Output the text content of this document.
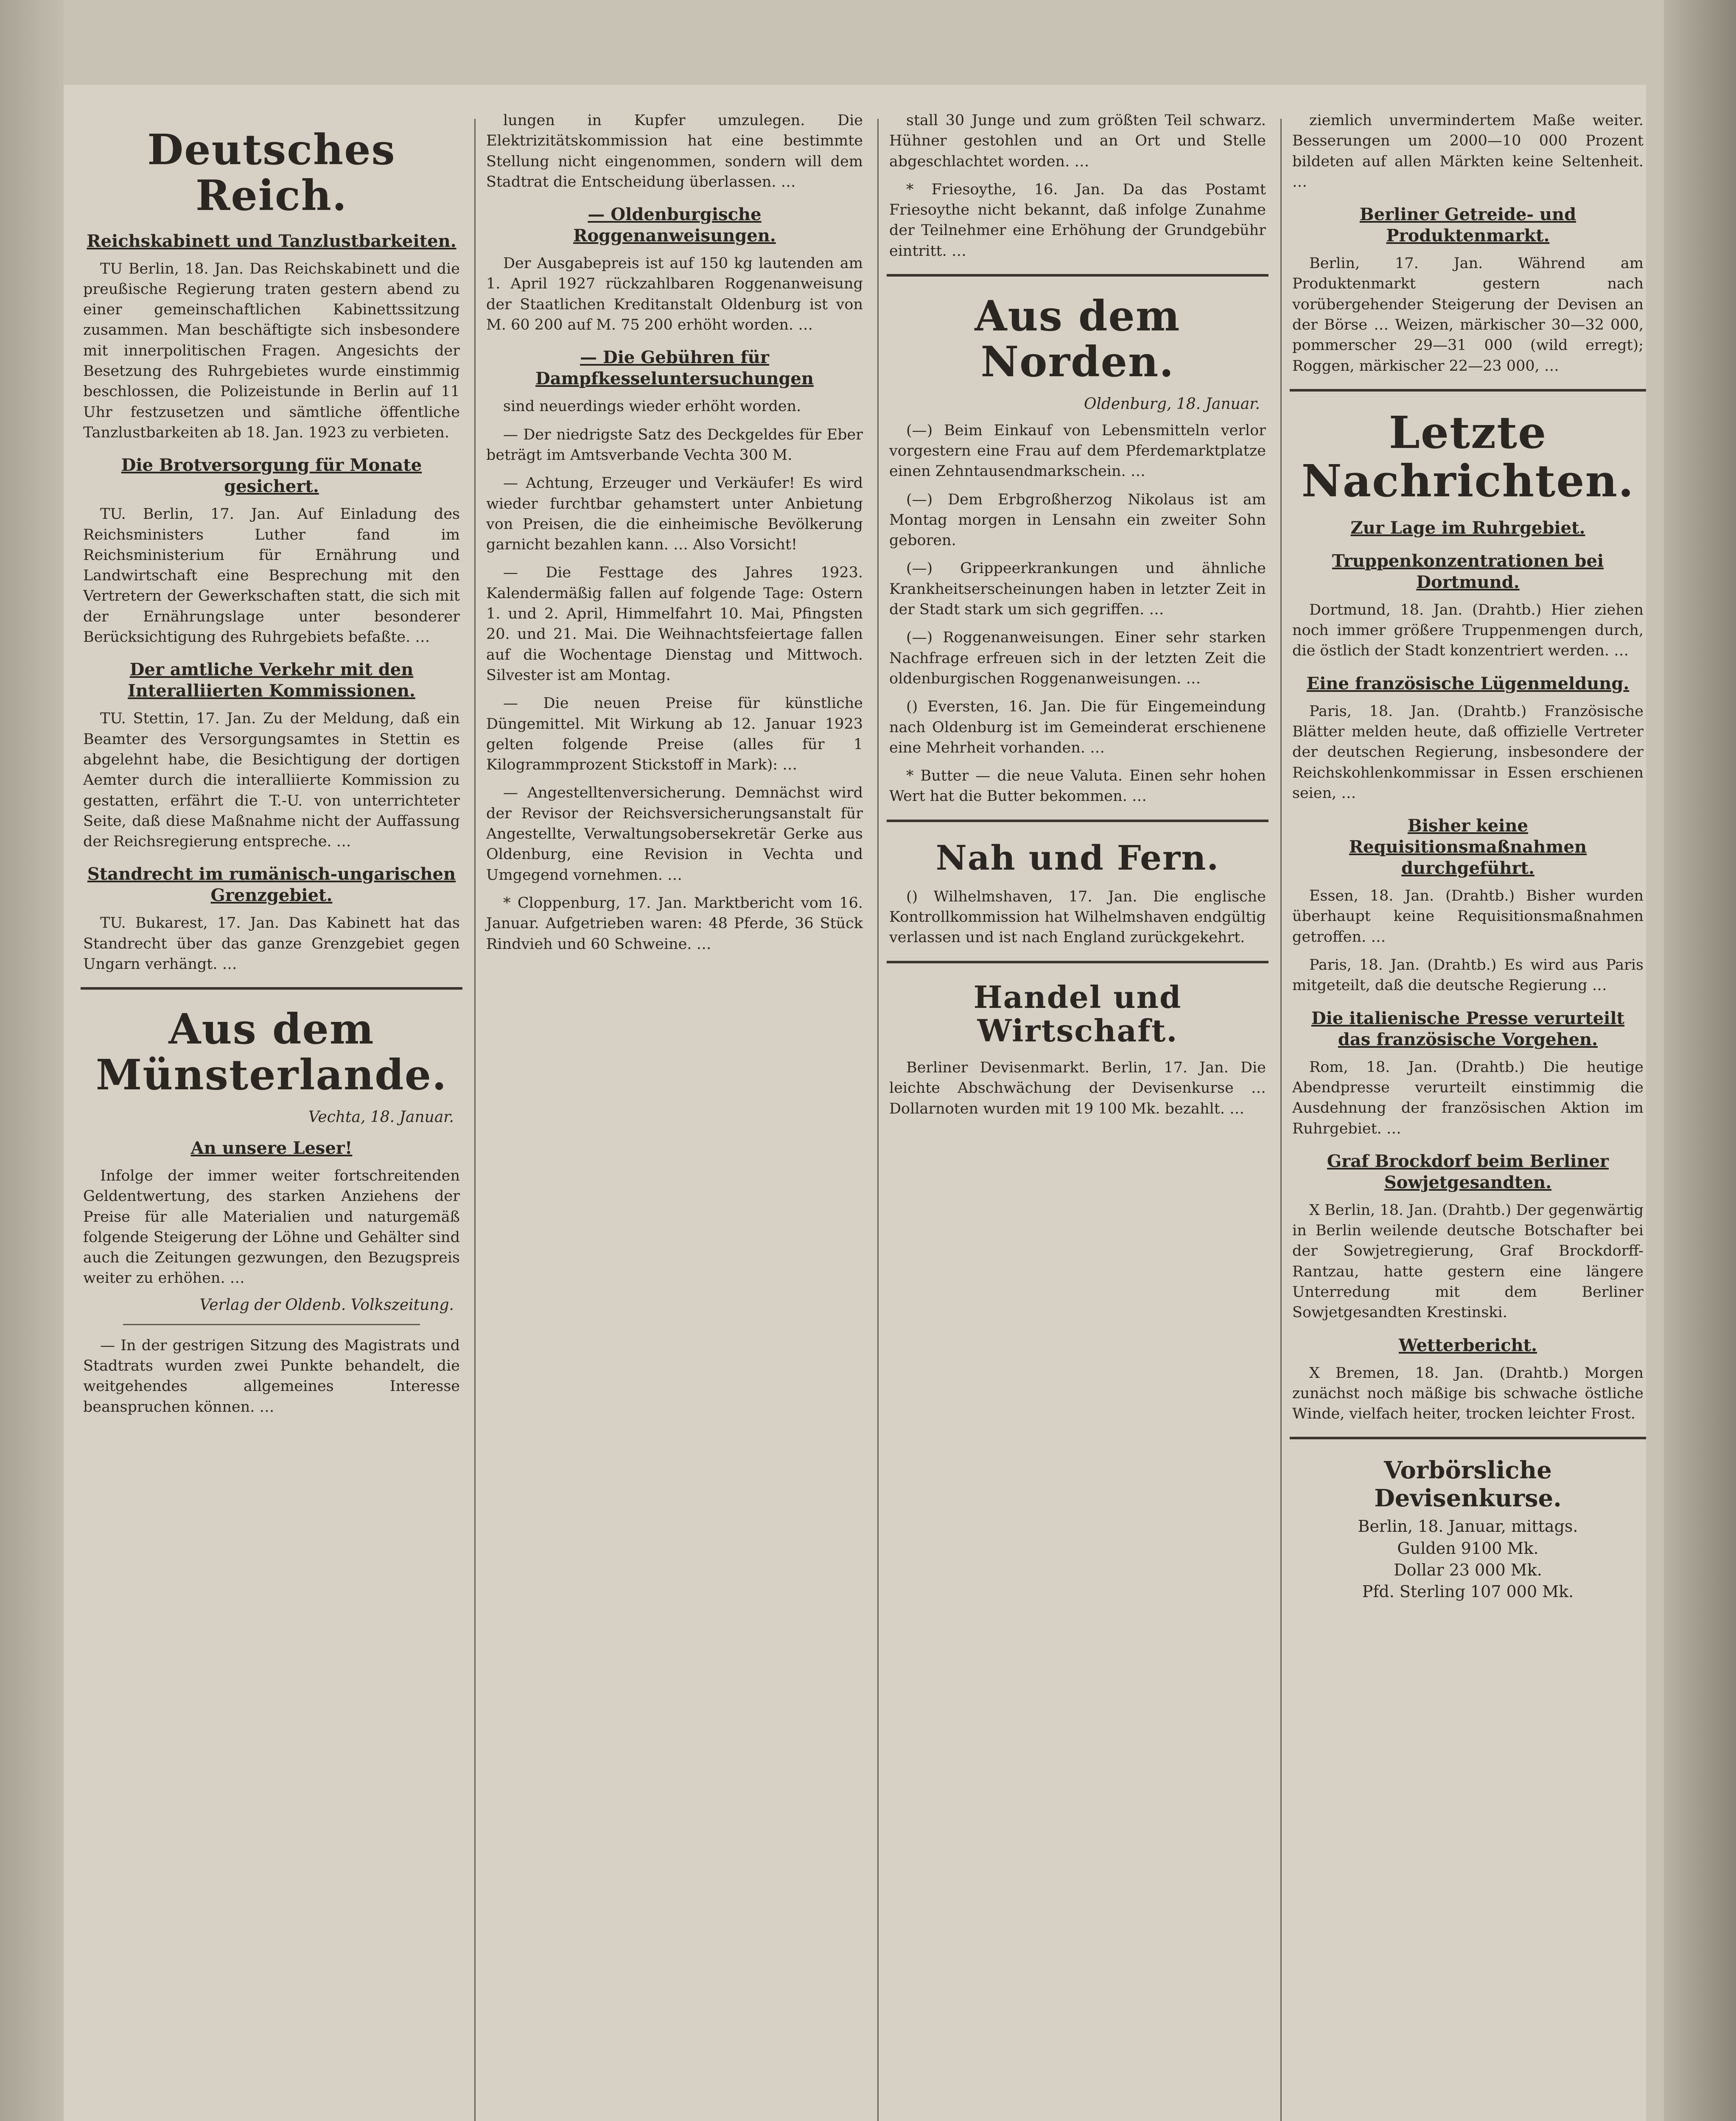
Deutsches Reich.
Reichskabinett und Tanzlustbarkeiten.

TU Berlin, 18. Jan. Das Reichskabinett und die preußische Regierung traten gestern abend zu einer gemeinschaftlichen Kabinettssitzung zusammen. Man beschäftigte sich insbesondere mit innerpolitischen Fragen. Angesichts der Besetzung des Ruhrgebietes wurde einstimmig beschlossen, die Polizeistunde in Berlin auf 11 Uhr festzusetzen und sämtliche öffentliche Tanzlustbarkeiten ab 18. Jan. 1923 zu verbieten.

Die Brotversorgung für Monate gesichert.

TU. Berlin, 17. Jan. Auf Einladung des Reichsministers Luther fand im Reichsministerium für Ernährung und Landwirtschaft eine Besprechung mit den Vertretern der Gewerkschaften statt, die sich mit der Ernährungslage unter besonderer Berücksichtigung des Ruhrgebiets befaßte. …

Der amtliche Verkehr mit den Interalliierten Kommissionen.

TU. Stettin, 17. Jan. Zu der Meldung, daß ein Beamter des Versorgungsamtes in Stettin es abgelehnt habe, die Besichtigung der dortigen Aemter durch die interalliierte Kommission zu gestatten, erfährt die T.-U. von unterrichteter Seite, daß diese Maßnahme nicht der Auffassung der Reichsregierung entspreche. …

Standrecht im rumänisch-ungarischen Grenzgebiet.

TU. Bukarest, 17. Jan. Das Kabinett hat das Standrecht über das ganze Grenzgebiet gegen Ungarn verhängt. …

Aus dem Münsterlande.
Vechta, 18. Januar.
An unsere Leser!

Infolge der immer weiter fortschreitenden Geldentwertung, des starken Anziehens der Preise für alle Materialien und naturgemäß folgende Steigerung der Löhne und Gehälter sind auch die Zeitungen gezwungen, den Bezugspreis weiter zu erhöhen. …

Verlag der Oldenb. Volkszeitung.

— In der gestrigen Sitzung des Magistrats und Stadtrats wurden zwei Punkte behandelt, die weitgehendes allgemeines Interesse beanspruchen können. …

lungen in Kupfer umzulegen. Die Elektrizitätskommission hat eine bestimmte Stellung nicht eingenommen, sondern will dem Stadtrat die Entscheidung überlassen. …

— Oldenburgische Roggenanweisungen.

Der Ausgabepreis ist auf 150 kg lautenden am 1. April 1927 rückzahlbaren Roggenanweisung der Staatlichen Kreditanstalt Oldenburg ist von M. 60 200 auf M. 75 200 erhöht worden. …

— Die Gebühren für Dampfkesseluntersuchungen

sind neuerdings wieder erhöht worden.

— Der niedrigste Satz des Deckgeldes für Eber beträgt im Amtsverbande Vechta 300 M.

— Achtung, Erzeuger und Verkäufer! Es wird wieder furchtbar gehamstert unter Anbietung von Preisen, die die einheimische Bevölkerung garnicht bezahlen kann. … Also Vorsicht!

— Die Festtage des Jahres 1923. Kalendermäßig fallen auf folgende Tage: Ostern 1. und 2. April, Himmelfahrt 10. Mai, Pfingsten 20. und 21. Mai. Die Weihnachtsfeiertage fallen auf die Wochentage Dienstag und Mittwoch. Silvester ist am Montag.

— Die neuen Preise für künstliche Düngemittel. Mit Wirkung ab 12. Januar 1923 gelten folgende Preise (alles für 1 Kilogrammprozent Stickstoff in Mark): …

— Angestelltenversicherung. Demnächst wird der Revisor der Reichsversicherungsanstalt für Angestellte, Verwaltungsobersekretär Gerke aus Oldenburg, eine Revision in Vechta und Umgegend vornehmen. …

* Cloppenburg, 17. Jan. Marktbericht vom 16. Januar. Aufgetrieben waren: 48 Pferde, 36 Stück Rindvieh und 60 Schweine. …

stall 30 Junge und zum größten Teil schwarz. Hühner gestohlen und an Ort und Stelle abgeschlachtet worden. …

* Friesoythe, 16. Jan. Da das Postamt Friesoythe nicht bekannt, daß infolge Zunahme der Teilnehmer eine Erhöhung der Grundgebühr eintritt. …

Aus dem Norden.
Oldenburg, 18. Januar.

(—) Beim Einkauf von Lebensmitteln verlor vorgestern eine Frau auf dem Pferdemarktplatze einen Zehntausendmarkschein. …

(—) Dem Erbgroßherzog Nikolaus ist am Montag morgen in Lensahn ein zweiter Sohn geboren.

(—) Grippeerkrankungen und ähnliche Krankheitserscheinungen haben in letzter Zeit in der Stadt stark um sich gegriffen. …

(—) Roggenanweisungen. Einer sehr starken Nachfrage erfreuen sich in der letzten Zeit die oldenburgischen Roggenanweisungen. …

() Eversten, 16. Jan. Die für Eingemeindung nach Oldenburg ist im Gemeinderat erschienene eine Mehrheit vorhanden. …

* Butter — die neue Valuta. Einen sehr hohen Wert hat die Butter bekommen. …

Nah und Fern.

() Wilhelmshaven, 17. Jan. Die englische Kontrollkommission hat Wilhelmshaven endgültig verlassen und ist nach England zurückgekehrt.

Handel und Wirtschaft.

Berliner Devisenmarkt. Berlin, 17. Jan. Die leichte Abschwächung der Devisenkurse … Dollarnoten wurden mit 19 100 Mk. bezahlt. …

ziemlich unvermindertem Maße weiter. Besserungen um 2000—10 000 Prozent bildeten auf allen Märkten keine Seltenheit. …

Berliner Getreide- und Produktenmarkt.

Berlin, 17. Jan. Während am Produktenmarkt gestern nach vorübergehender Steigerung der Devisen an der Börse … Weizen, märkischer 30—32 000, pommerscher 29—31 000 (wild erregt); Roggen, märkischer 22—23 000, …

Letzte Nachrichten.
Zur Lage im Ruhrgebiet.
Truppenkonzentrationen bei Dortmund.

Dortmund, 18. Jan. (Drahtb.) Hier ziehen noch immer größere Truppenmengen durch, die östlich der Stadt konzentriert werden. …

Eine französische Lügenmeldung.

Paris, 18. Jan. (Drahtb.) Französische Blätter melden heute, daß offizielle Vertreter der deutschen Regierung, insbesondere der Reichskohlenkommissar in Essen erschienen seien, …

Bisher keine Requisitionsmaßnahmen durchgeführt.

Essen, 18. Jan. (Drahtb.) Bisher wurden überhaupt keine Requisitionsmaßnahmen getroffen. …

Paris, 18. Jan. (Drahtb.) Es wird aus Paris mitgeteilt, daß die deutsche Regierung …

Die italienische Presse verurteilt das französische Vorgehen.

Rom, 18. Jan. (Drahtb.) Die heutige Abendpresse verurteilt einstimmig die Ausdehnung der französischen Aktion im Ruhrgebiet. …

Graf Brockdorf beim Berliner Sowjetgesandten.

X Berlin, 18. Jan. (Drahtb.) Der gegenwärtig in Berlin weilende deutsche Botschafter bei der Sowjetregierung, Graf Brockdorff-Rantzau, hatte gestern eine längere Unterredung mit dem Berliner Sowjetgesandten Krestinski.

Wetterbericht.

X Bremen, 18. Jan. (Drahtb.) Morgen zunächst noch mäßige bis schwache östliche Winde, vielfach heiter, trocken leichter Frost.

Vorbörsliche Devisenkurse.
Berlin, 18. Januar, mittags.
Gulden 9100 Mk.
Dollar 23 000 Mk.
Pfd. Sterling 107 000 Mk.
